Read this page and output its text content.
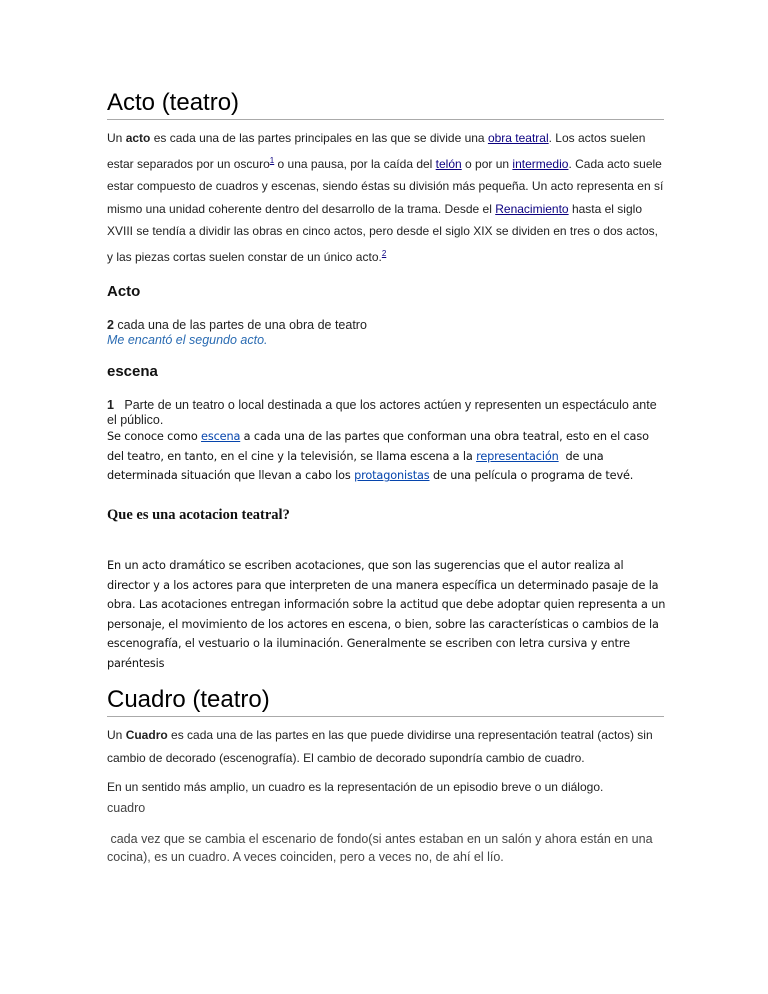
Acto (teatro)

Un acto es cada una de las partes principales en las que se divide una obra teatral. Los actos suelen estar separados por un oscuro$^1$ o una pausa, por la caída del telón o por un intermedio. Cada acto suele estar compuesto de cuadros y escenas, siendo éstas su división más pequeña. Un acto representa en sí mismo una unidad coherente dentro del desarrollo de la trama. Desde el Renacimiento hasta el siglo XVIII se tendía a dividir las obras en cinco actos, pero desde el siglo XIX se dividen en tres o dos actos, y las piezas cortas suelen constar de un único acto.$^2$

Acto

2 cada una de las partes de una obra de teatro
Me encantó el segundo acto.

escena

1   Parte de un teatro o local destinada a que los actores actúen y representen un espectáculo ante el público.

Se conoce como escena a cada una de las partes que conforman una obra teatral, esto en el caso del teatro, en tanto, en el cine y la televisión, se llama escena a la representación  de una determinada situación que llevan a cabo los protagonistas de una película o programa de tevé.

Que es una acotacion teatral?

En un acto dramático se escriben acotaciones, que son las sugerencias que el autor realiza al director y a los actores para que interpreten de una manera específica un determinado pasaje de la obra. Las acotaciones entregan información sobre la actitud que debe adoptar quien representa a un personaje, el movimiento de los actores en escena, o bien, sobre las características o cambios de la escenografía, el vestuario o la iluminación. Generalmente se escriben con letra cursiva y entre paréntesis

Cuadro (teatro)

Un Cuadro es cada una de las partes en las que puede dividirse una representación teatral (actos) sin cambio de decorado (escenografía). El cambio de decorado supondría cambio de cuadro.

En un sentido más amplio, un cuadro es la representación de un episodio breve o un diálogo.

cuadro

cada vez que se cambia el escenario de fondo(si antes estaban en un salón y ahora están en una cocina), es un cuadro. A veces coinciden, pero a veces no, de ahí el lío.
